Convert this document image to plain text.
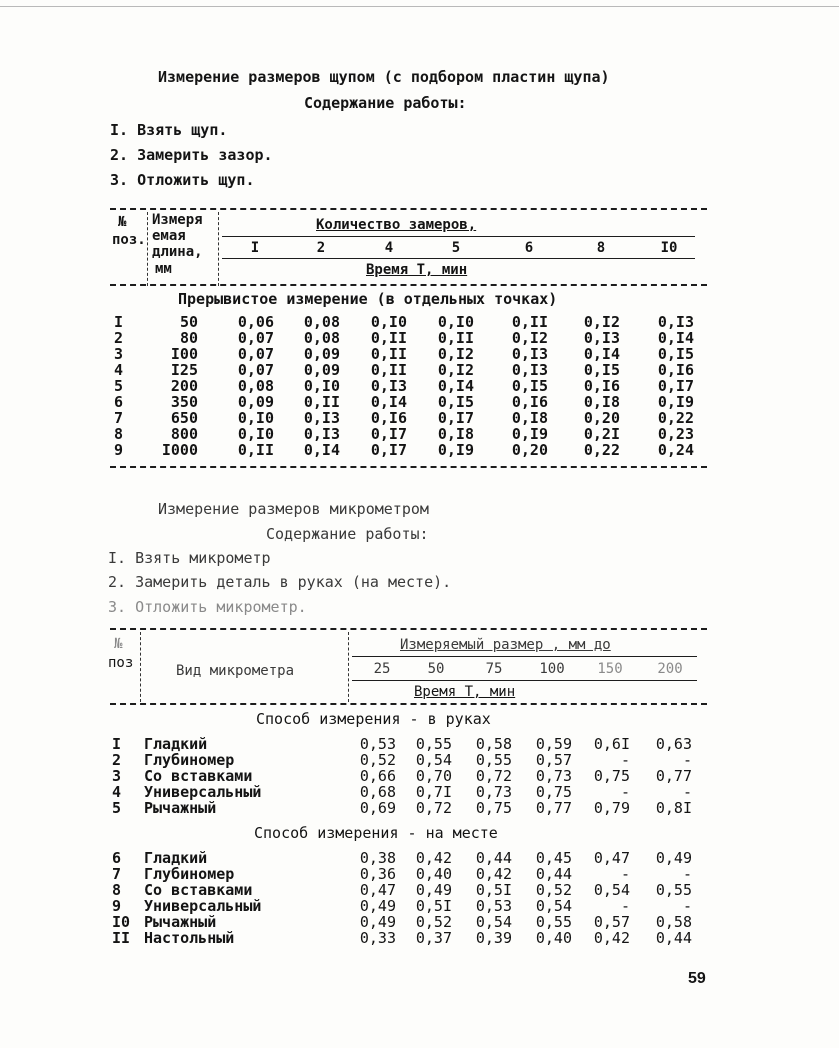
Измерение размеров щупом (с подбором пластин щупа)
Содержание работы:
I. Взять щуп.
2. Замерить зазор.
3. Отложить щуп.
№
поз.
Измеря
емая
длина,
мм
Количество замеров,
I	2	4	5	6	8	I0
Время Т, мин
Прерывистое измерение (в отдельных точках)
I	50	0,06	0,08	0,I0	0,I0	0,II	0,I2	0,I3
2	80	0,07	0,08	0,II	0,II	0,I2	0,I3	0,I4
3	I00	0,07	0,09	0,II	0,I2	0,I3	0,I4	0,I5
4	I25	0,07	0,09	0,II	0,I2	0,I3	0,I5	0,I6
5	200	0,08	0,I0	0,I3	0,I4	0,I5	0,I6	0,I7
6	350	0,09	0,II	0,I4	0,I5	0,I6	0,I8	0,I9
7	650	0,I0	0,I3	0,I6	0,I7	0,I8	0,20	0,22
8	800	0,I0	0,I3	0,I7	0,I8	0,I9	0,2I	0,23
9	I000	0,II	0,I4	0,I7	0,I9	0,20	0,22	0,24
Измерение размеров микрометром
Содержание работы:
I. Взять микрометр
2. Замерить деталь в руках (на месте).
3. Отложить микрометр.
№
поз	Вид микрометра
Измеряемый размер , мм до
25	50	75	100	150	200
Время Т, мин
Способ измерения - в руках
I Гладкий	0,53	0,55	0,58	0,59	0,6I	0,63
2 Глубиномер	0,52	0,54	0,55	0,57	-	-
3 Со вставками	0,66	0,70	0,72	0,73	0,75	0,77
4 Универсальный	0,68	0,7I	0,73	0,75	-	-
5 Рычажный	0,69	0,72	0,75	0,77	0,79	0,8I
Способ измерения - на месте
6 Гладкий	0,38	0,42	0,44	0,45	0,47	0,49
7 Глубиномер	0,36	0,40	0,42	0,44	-	-
8 Со вставками	0,47	0,49	0,5I	0,52	0,54	0,55
9 Универсальный	0,49	0,5I	0,53	0,54	-	-
I0 Рычажный	0,49	0,52	0,54	0,55	0,57	0,58
II Настольный	0,33	0,37	0,39	0,40	0,42	0,44
59
